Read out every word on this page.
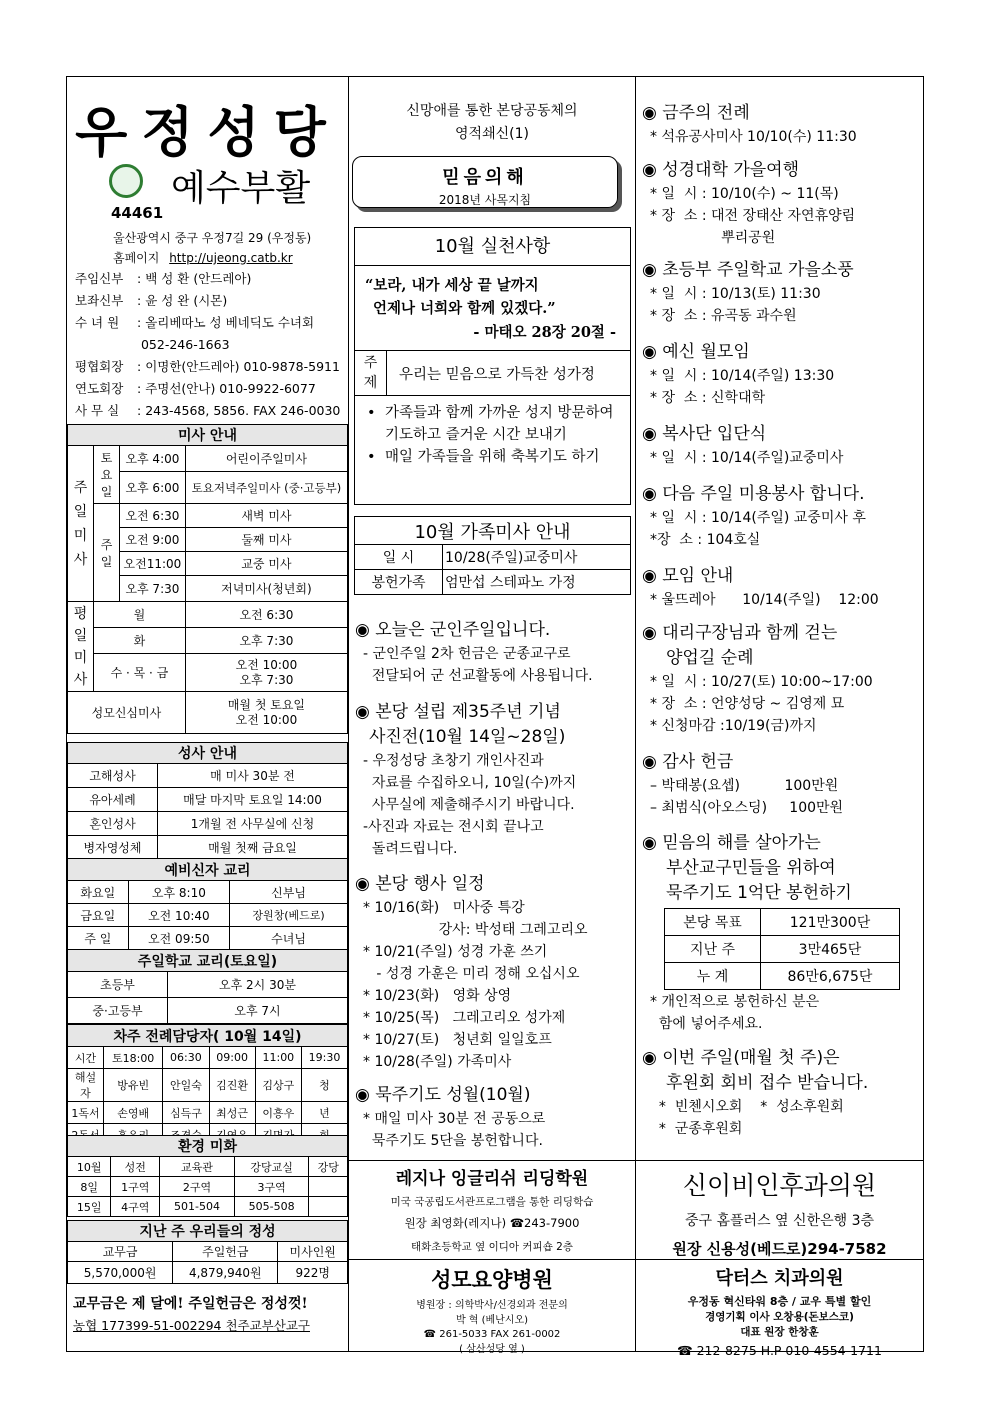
우정성당
예수부활
44461
울산광역시 중구 우정7길 29 (우정동)
홈페이지 http://ujeong.catb.kr
주임신부 : 백 성 환 (안드레아)
보좌신부 : 윤 성 완 (시몬)
수 녀 원 : 올리베따노 성 베네딕도 수녀회
052-246-1663
평협회장 : 이명한(안드레아) 010-9878-5911
연도회장 : 주명선(안나) 010-9922-6077
사 무 실 : 243-4568, 5856. FAX 246-0030
미사 안내			
주일미사	토요일	오후 4:00	어린이주일미사
		오후 6:00	토요저녁주일미사 (중·고등부)
	주일	오전 6:30	새벽 미사
		오전 9:00	둘째 미사
		오전11:00	교중 미사
		오후 7:30	저녁미사(청년회)
평일미사	월		오전 6:30
	화		오후 7:30
	수 · 목 · 금		오전 10:00
오후 7:30
성모신심미사			매월 첫 토요일
오전 10:00
성사 안내	
고해성사	매 미사 30분 전
유아세례	매달 마지막 토요일 14:00
혼인성사	1개월 전 사무실에 신청
병자영성체	매월 첫째 금요일
예비신자 교리		
화요일	오후 8:10	신부님
금요일	오전 10:40	장원창(베드로)
주 일	오전 09:50	수녀님
주일학교 교리(토요일)	
초등부	오후 2시 30분
중·고등부	오후 7시
차주 전례담당자( 10월 14일)					
시간	토18:00	06:30	09:00	11:00	19:30
해설자	방유빈	안일숙	김진환	김상구	청
1독서	손영배	심득구	최성근	이흥우	년

환경 미화				
10월	성전	교육관	강당교실	강당
8일	1구역	2구역	3구역	
15일	4구역	501-504	505-508	
지난 주 우리들의 정성		
교무금	주일헌금	미사인원
5,570,000원	4,879,940원	922명
교무금은 제 달에! 주일헌금은 정성껏!
농협 177399-51-002294 천주교부산교구
신망애를 통한 본당공동체의
영적쇄신(1)
믿음의해
2018년 사목지침
10월 실천사항
“보라, 내가 세상 끝 날까지
언제나 너희와 함께 있겠다.”
- 마태오 28장 20절 -
주제	우리는 믿음으로 가득찬 성가정
• 가족들과 함께 가까운 성지 방문하여 기도하고 즐거운 시간 보내기
• 매일 가족들을 위해 축복기도 하기
10월 가족미사 안내	
일 시	10/28(주일)교중미사
봉헌가족	엄만섭 스테파노 가정
◉ 오늘은 군인주일입니다.
- 군인주일 2차 헌금은 군종교구로
전달되어 군 선교활동에 사용됩니다.
◉ 본당 설립 제35주년 기념
사진전(10월 14일~28일)
- 우정성당 초창기 개인사진과
자료를 수집하오니, 10일(수)까지
사무실에 제출해주시기 바랍니다.
-사진과 자료는 전시회 끝나고
돌려드립니다.
◉ 본당 행사 일정
* 10/16(화)   미사중 특강
강사: 박성태 그레고리오
* 10/21(주일) 성경 가훈 쓰기
- 성경 가훈은 미리 정해 오십시오
* 10/23(화)   영화 상영
* 10/25(목)   그레고리오 성가제
* 10/27(토)   청년회 일일호프
* 10/28(주일) 가족미사
◉ 묵주기도 성월(10월)
* 매일 미사 30분 전 공동으로
묵주기도 5단을 봉헌합니다.
레지나 잉글리쉬 리딩학원
미국 국공립도서관프로그램을 통한 리딩학습
원장 최영화(레지나) ☎243-7900
태화초등학교 옆 이디아 커피숍 2층
성모요양병원
병원장 : 의학박사/신경외과 전문의
박 혁 (베난시오)
☎ 261-5033 FAX 261-0002
( 삼산성당 옆 )
◉ 금주의 전례
* 석유공사미사 10/10(수) 11:30
◉ 성경대학 가을여행
* 일  시 : 10/10(수) ~ 11(목)
* 장  소 : 대전 장태산 자연휴양림
뿌리공원
◉ 초등부 주일학교 가을소풍
* 일  시 : 10/13(토) 11:30
* 장  소 : 유곡동 과수원
◉ 예신 월모임
* 일  시 : 10/14(주일) 13:30
* 장  소 : 신학대학
◉ 복사단 입단식
* 일  시 : 10/14(주일)교중미사
◉ 다음 주일 미용봉사 합니다.
* 일  시 : 10/14(주일) 교중미사 후
*장  소 : 104호실
◉ 모임 안내
* 울뜨레아      10/14(주일)    12:00
◉ 대리구장님과 함께 걷는
양업길 순례
* 일  시 : 10/27(토) 10:00~17:00
* 장  소 : 언양성당 ~ 김영제 묘
* 신청마감 :10/19(금)까지
◉ 감사 헌금
– 박태봉(요셉)          100만원
– 최범식(아오스딩)     100만원
◉ 믿음의 해를 살아가는
부산교구민들을 위하여
묵주기도 1억단 봉헌하기
본당 목표	121만300단
지난 주	3만465단
누 계	86만6,675단
* 개인적으로 봉헌하신 분은
함에 넣어주세요.
◉ 이번 주일(매월 첫 주)은
후원회 회비 접수 받습니다.
*  빈첸시오회    *  성소후원회
*  군종후원회
신이비인후과의원
중구 홈플러스 옆 신한은행 3층
원장 신용성(베드로)294-7582
닥터스 치과의원
우정동 혁신타워 8층 / 교우 특별 할인
경영기획 이사 오창용(돈보스코)
대표 원장 한창훈
☎ 212-8275 H.P 010-4554-1711
